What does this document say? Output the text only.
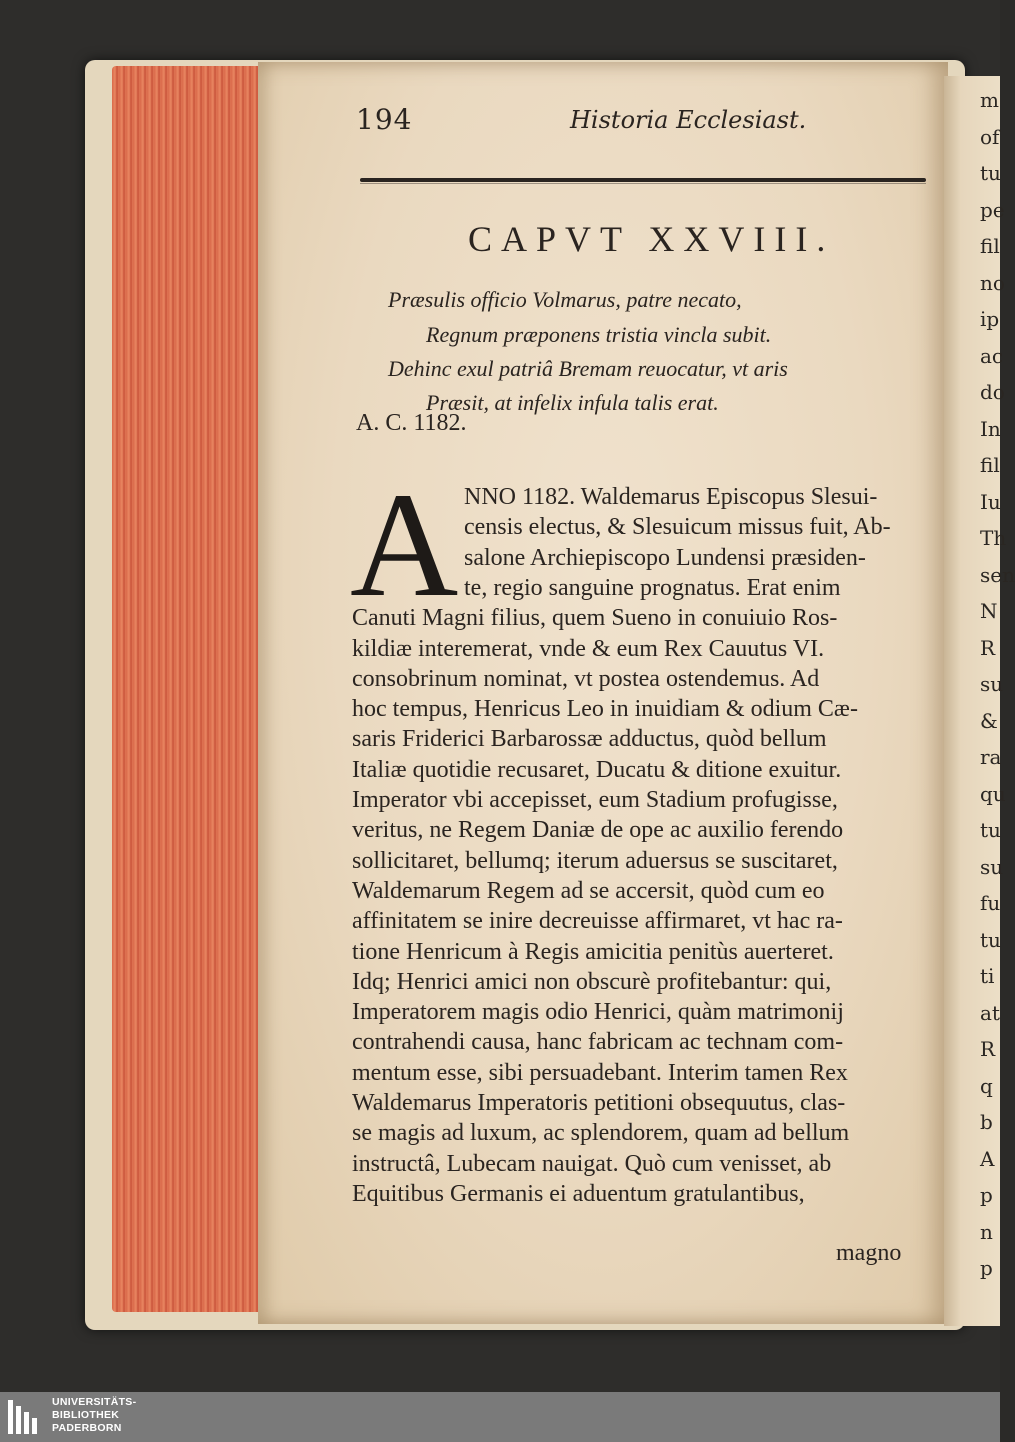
m
of
tu
pe
fil
no
ip
ac
do
In
fil
Iu
Th
sen
N
R
su
&
ra
qu
tu
su
fu
tu
ti
at
R
q
b
A
p
n
p
194	Historia Ecclesiast.
CAPVT XXVIII.
Præsulis officio Volmarus, patre necato,
Regnum præponens tristia vincla subit.
Dehinc exul patriâ Bremam reuocatur, vt aris
Præsit, at infelix infula talis erat.
A. C. 1182.
A NNO 1182. Waldemarus Episcopus Slesui-
censis electus, & Slesuicum missus fuit, Ab-
salone Archiepiscopo Lundensi præsiden-
te, regio sanguine prognatus. Erat enim
Canuti Magni filius, quem Sueno in conuiuio Ros-
kildiæ interemerat, vnde & eum Rex Cauutus VI.
consobrinum nominat, vt postea ostendemus. Ad
hoc tempus, Henricus Leo in inuidiam & odium Cæ-
saris Friderici Barbarossæ adductus, quòd bellum
Italiæ quotidie recusaret, Ducatu & ditione exuitur.
Imperator vbi accepisset, eum Stadium profugisse,
veritus, ne Regem Daniæ de ope ac auxilio ferendo
sollicitaret, bellumq; iterum aduersus se suscitaret,
Waldemarum Regem ad se accersit, quòd cum eo
affinitatem se inire decreuisse affirmaret, vt hac ra-
tione Henricum à Regis amicitia penitùs auerteret.
Idq; Henrici amici non obscurè profitebantur: qui,
Imperatorem magis odio Henrici, quàm matrimonij
contrahendi causa, hanc fabricam ac technam com-
mentum esse, sibi persuadebant. Interim tamen Rex
Waldemarus Imperatoris petitioni obsequutus, clas-
se magis ad luxum, ac splendorem, quam ad bellum
instructâ, Lubecam nauigat. Quò cum venisset, ab
Equitibus Germanis ei aduentum gratulantibus,
magno
UNIVERSITÄTS-
BIBLIOTHEK
PADERBORN
